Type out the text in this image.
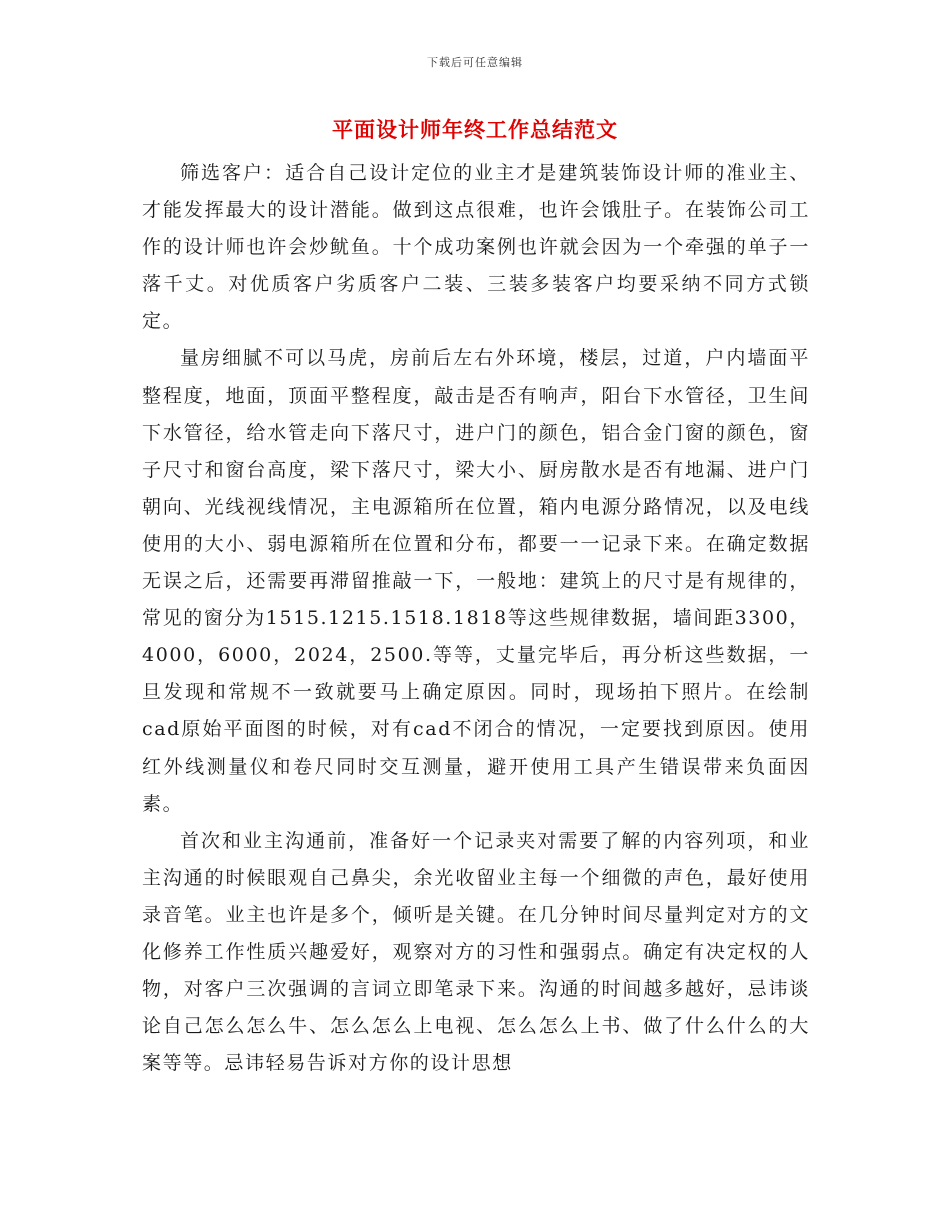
下载后可任意编辑
平面设计师年终工作总结范文

筛选客户：适合自己设计定位的业主才是建筑装饰设计师的准业主、才能发挥最大的设计潜能。做到这点很难，也许会饿肚子。在装饰公司工作的设计师也许会炒鱿鱼。十个成功案例也许就会因为一个牵强的单子一落千丈。对优质客户劣质客户二装、三装多装客户均要采纳不同方式锁定。

量房细腻不可以马虎，房前后左右外环境，楼层，过道，户内墙面平整程度，地面，顶面平整程度，敲击是否有响声，阳台下水管径，卫生间下水管径，给水管走向下落尺寸，进户门的颜色，铝合金门窗的颜色，窗子尺寸和窗台高度，梁下落尺寸，梁大小、厨房散水是否有地漏、进户门朝向、光线视线情况，主电源箱所在位置，箱内电源分路情况，以及电线使用的大小、弱电源箱所在位置和分布，都要一一记录下来。在确定数据无误之后，还需要再滞留推敲一下，一般地：建筑上的尺寸是有规律的，常见的窗分为1515.1215.1518.1818等这些规律数据，墙间距3300，4000，6000，2024，2500.等等，丈量完毕后，再分析这些数据，一旦发现和常规不一致就要马上确定原因。同时，现场拍下照片。在绘制cad原始平面图的时候，对有cad不闭合的情况，一定要找到原因。使用红外线测量仪和卷尺同时交互测量，避开使用工具产生错误带来负面因素。

首次和业主沟通前，准备好一个记录夹对需要了解的内容列项，和业主沟通的时候眼观自己鼻尖，余光收留业主每一个细微的声色，最好使用录音笔。业主也许是多个，倾听是关键。在几分钟时间尽量判定对方的文化修养工作性质兴趣爱好，观察对方的习性和强弱点。确定有决定权的人物，对客户三次强调的言词立即笔录下来。沟通的时间越多越好，忌讳谈论自己怎么怎么牛、怎么怎么上电视、怎么怎么上书、做了什么什么的大案等等。忌讳轻易告诉对方你的设计思想
